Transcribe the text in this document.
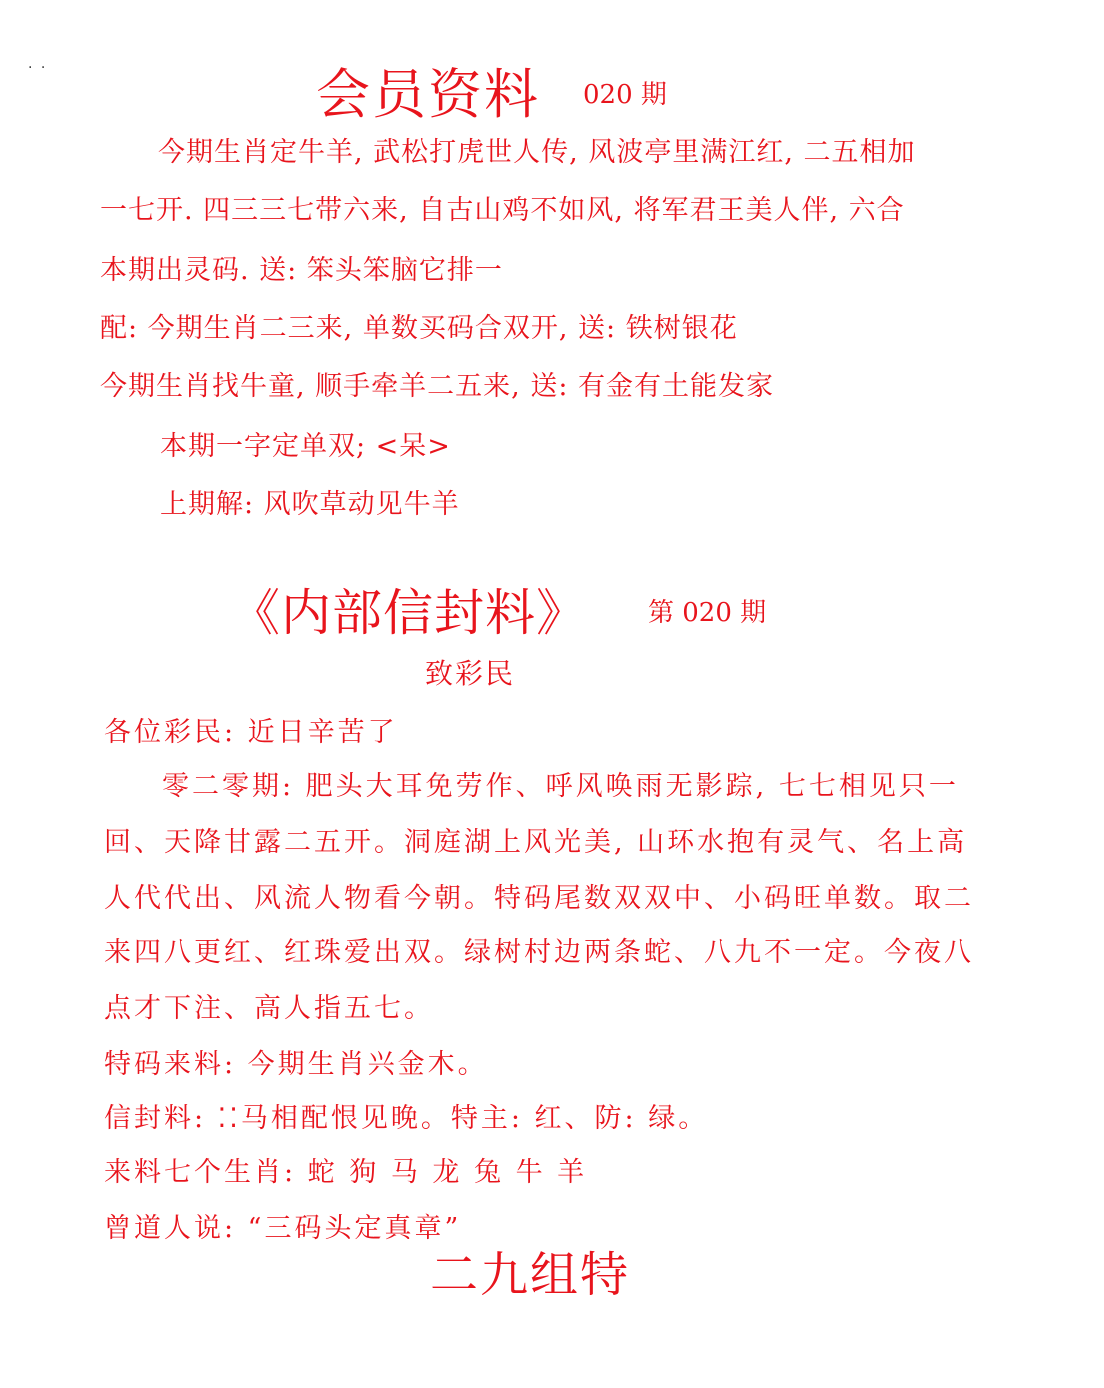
· ·	会员资料 020 期
今期生肖定牛羊, 武松打虎世人传, 风波亭里满江红, 二五相加
一七开. 四三三七带六来, 自古山鸡不如风, 将军君王美人伴, 六合
本期出灵码. 送: 笨头笨脑它排一
配: 今期生肖二三来, 单数买码合双开, 送: 铁树银花
今期生肖找牛童, 顺手牵羊二五来, 送: 有金有土能发家
本期一字定单双; <呆>
上期解: 风吹草动见牛羊
《内部信封料》 第 020 期
致彩民
各位彩民: 近日辛苦了
零二零期: 肥头大耳免劳作、呼风唤雨无影踪, 七七相见只一
回、天降甘露二五开。洞庭湖上风光美, 山环水抱有灵气、名上高
人代代出、风流人物看今朝。特码尾数双双中、小码旺单数。取二
来四八更红、红珠爱出双。绿树村边两条蛇、八九不一定。今夜八
点才下注、高人指五七。
特码来料: 今期生肖兴金木。
信封料: ⁚⁚马相配恨见晚。特主: 红、防: 绿。
来料七个生肖: 蛇 狗 马 龙 兔 牛 羊
曾道人说: “三码头定真章”
二九组特
